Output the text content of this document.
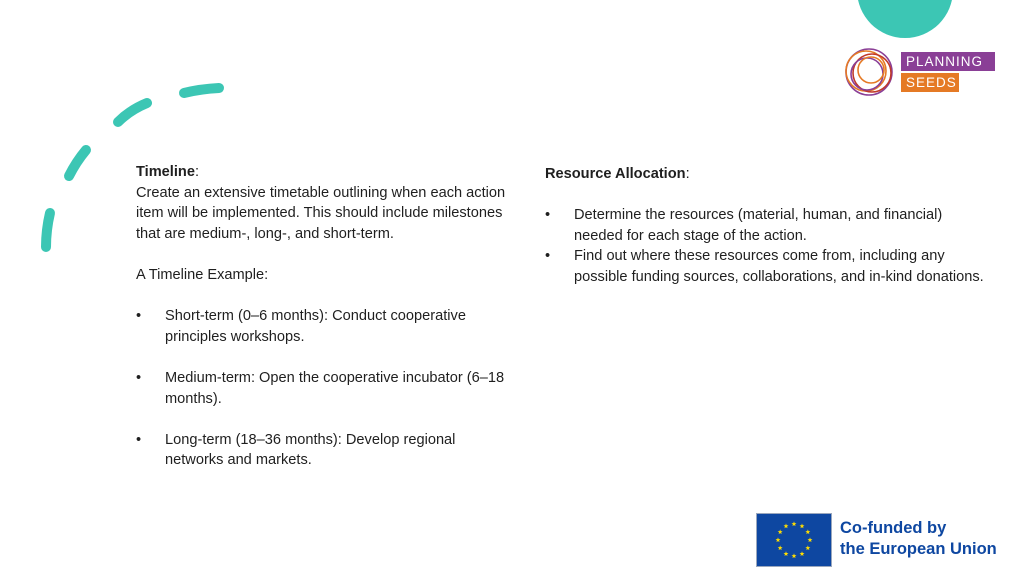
PLANNING
SEEDS

Timeline:

Create an extensive timetable outlining when each action item will be implemented. This should include milestones that are medium-, long-, and short-term.

A Timeline Example:

• Short-term (0–6 months): Conduct cooperative principles workshops.
• Medium-term: Open the cooperative incubator (6–18 months).
• Long-term (18–36 months): Develop regional networks and markets.

Resource Allocation:

• Determine the resources (material, human, and financial) needed for each stage of the action.
• Find out where these resources come from, including any possible funding sources, collaborations, and in-kind donations.
Co-funded by
the European Union
